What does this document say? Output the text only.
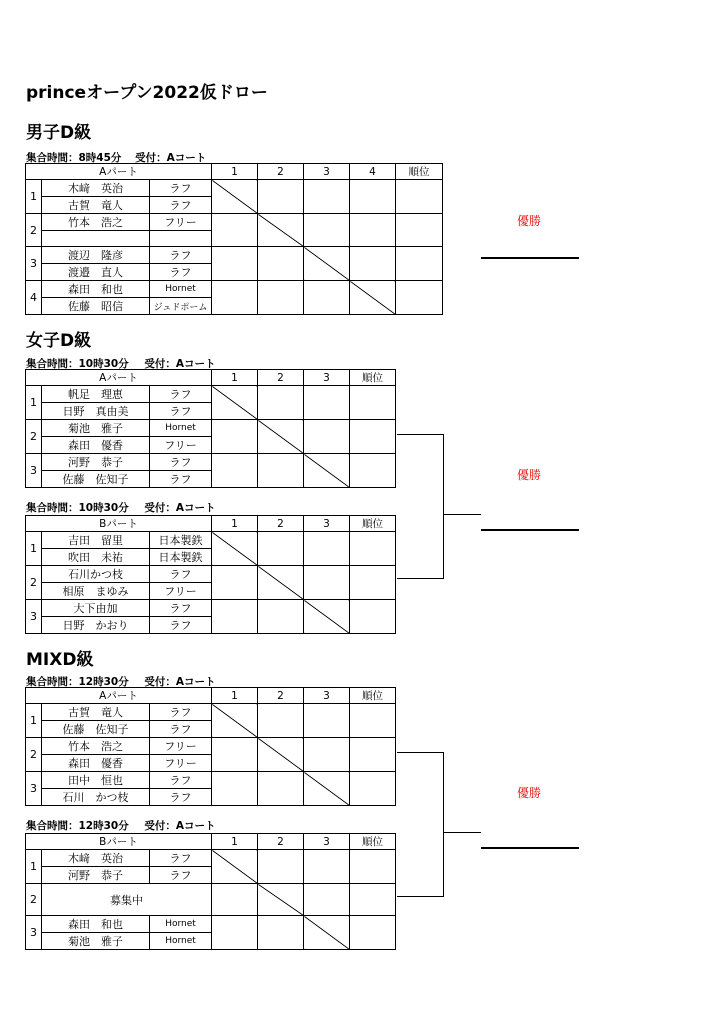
princeオープン2022仮ドロー
男子D級
集合時間：8時45分 受付：Aコート
Aパート			1	2	3	4	順位
1	木﨑　英治	ラフ					
	古賀　竜人	ラフ					
2	竹本　浩之	フリー					

3	渡辺　隆彦	ラフ					
	渡邉　直人	ラフ					
4	森田　和也	Hornet					
	佐藤　昭信	ジュドポーム					
優勝
女子D級
集合時間：10時30分 受付：Aコート
Aパート			1	2	3	順位
1	帆足　理恵	ラフ				
	日野　真由美	ラフ				
2	菊池　雅子	Hornet				
	森田　優香	フリー				
3	河野　恭子	ラフ				
	佐藤　佐知子	ラフ				
集合時間：10時30分 受付：Aコート
Bパート			1	2	3	順位
1	吉田　留里	日本製鉄				
	吹田　未祐	日本製鉄				
2	石川かつ枝	ラフ				
	相原　まゆみ	フリー				
3	大下由加	ラフ				
	日野　かおり	ラフ				
優勝
MIXD級
集合時間：12時30分 受付：Aコート
Aパート			1	2	3	順位
1	古賀　竜人	ラフ				
	佐藤　佐知子	ラフ				
2	竹本　浩之	フリー				
	森田　優香	フリー				
3	田中　恒也	ラフ				
	石川　かつ枝	ラフ				
集合時間：12時30分 受付：Aコート
Bパート			1	2	3	順位
1	木﨑　英治	ラフ				
	河野　恭子	ラフ				
2	募集中					
3	森田　和也	Hornet				
	菊池　雅子	Hornet				
優勝
